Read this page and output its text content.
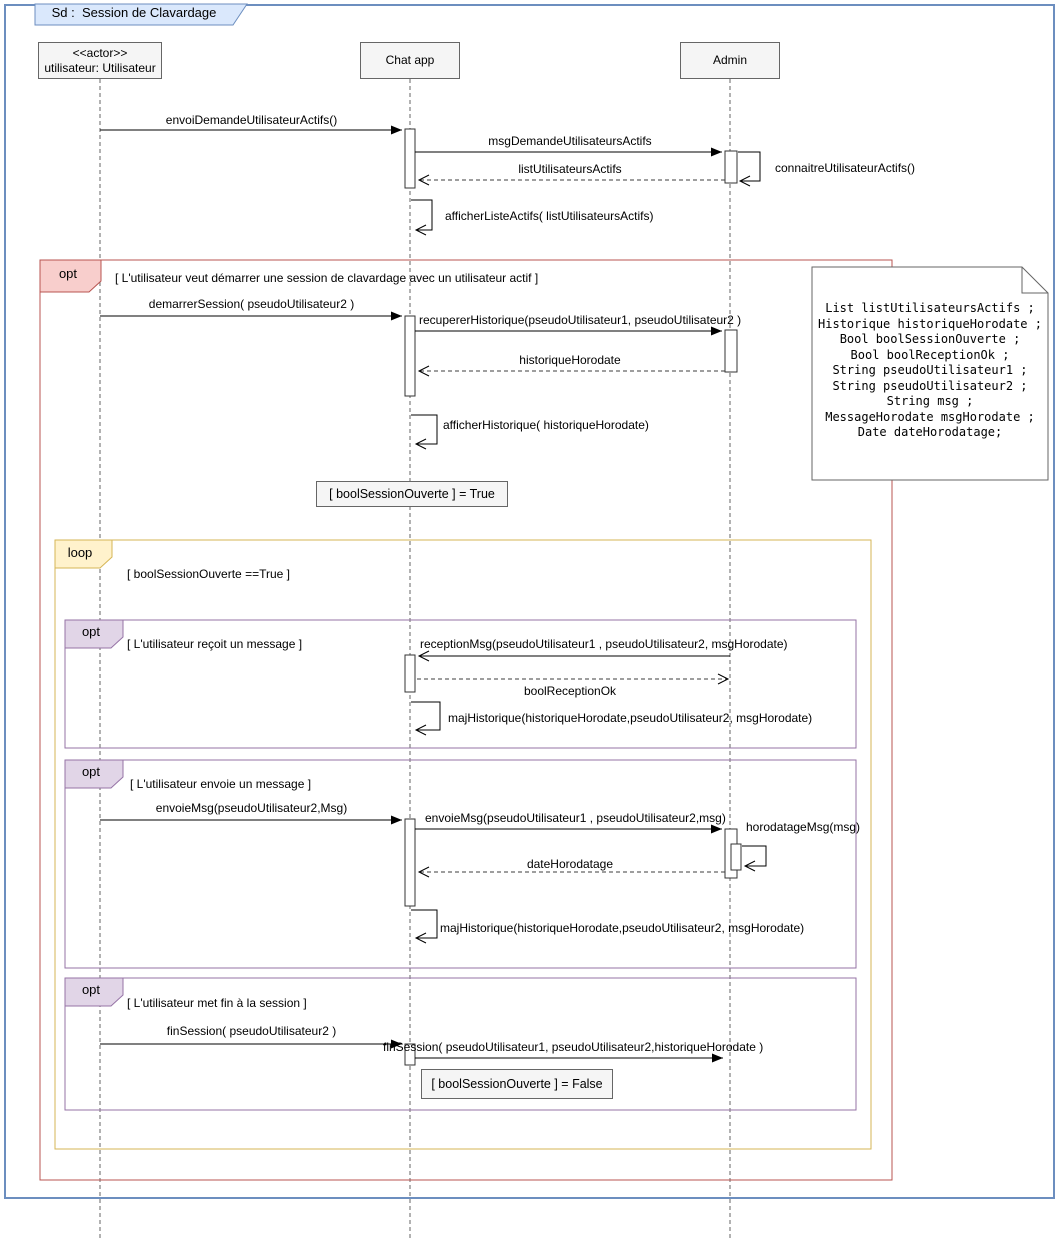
Sd :  Session de Clavardage
<<actor>>
utilisateur: Utilisateur
Chat app	Admin
opt
loop
opt
opt
opt
[ L'utilisateur veut démarrer une session de clavardage avec un utilisateur actif ]
[ boolSessionOuverte ==True ]
[ L'utilisateur reçoit un message ]
[ L'utilisateur envoie un message ]
[ L'utilisateur met fin à la session ]
envoiDemandeUtilisateurActifs()
msgDemandeUtilisateursActifs
listUtilisateursActifs	connaitreUtilisateurActifs()
afficherListeActifs( listUtilisateursActifs)
demarrerSession( pseudoUtilisateur2 )
recupererHistorique(pseudoUtilisateur1, pseudoUtilisateur2 )
historiqueHorodate
afficherHistorique( historiqueHorodate)
receptionMsg(pseudoUtilisateur1 , pseudoUtilisateur2, msgHorodate)
boolReceptionOk
majHistorique(historiqueHorodate,pseudoUtilisateur2, msgHorodate)
envoieMsg(pseudoUtilisateur2,Msg)
envoieMsg(pseudoUtilisateur1 , pseudoUtilisateur2,msg)
horodatageMsg(msg)
dateHorodatage
majHistorique(historiqueHorodate,pseudoUtilisateur2, msgHorodate)
finSession( pseudoUtilisateur2 )
finSession( pseudoUtilisateur1, pseudoUtilisateur2,historiqueHorodate )
[ boolSessionOuverte ] = True
[ boolSessionOuverte ] = False
List listUtilisateursActifs ;
Historique historiqueHorodate ;
Bool boolSessionOuverte ;
Bool boolReceptionOk ;
String pseudoUtilisateur1 ;
String pseudoUtilisateur2 ;
String msg ;
MessageHorodate msgHorodate ;
Date dateHorodatage;
